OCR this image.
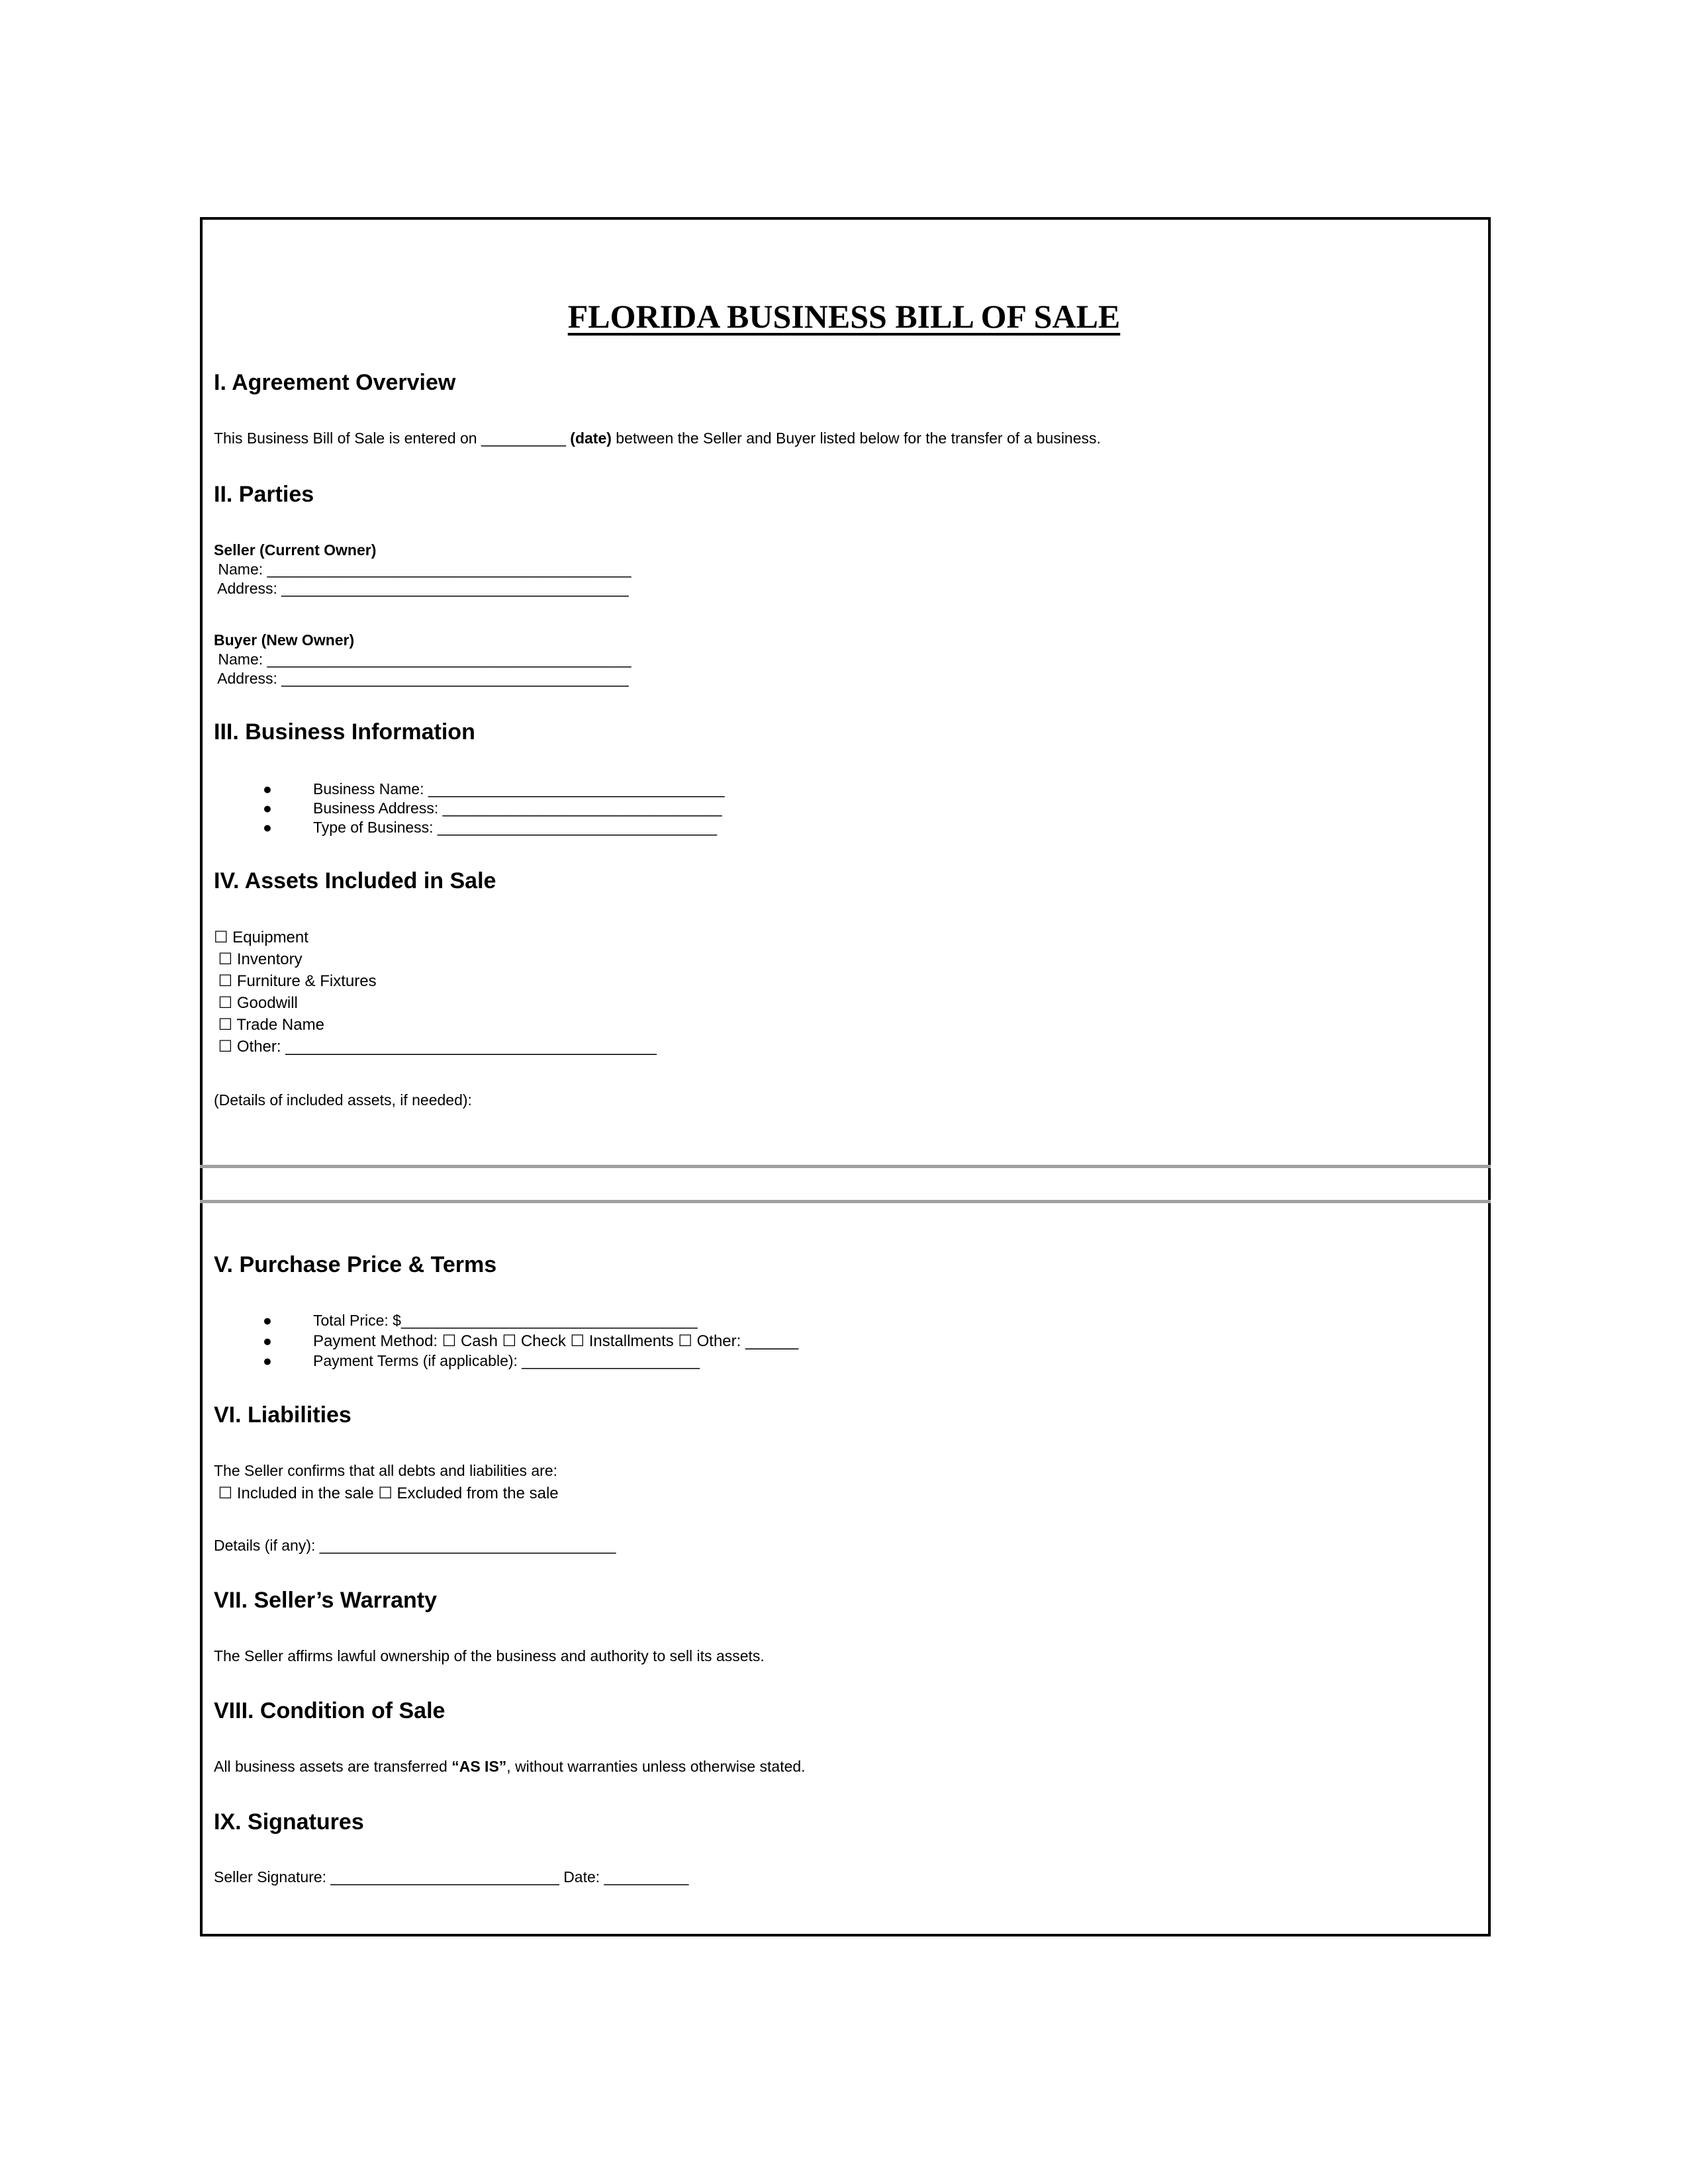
FLORIDA BUSINESS BILL OF SALE
I. Agreement Overview
This Business Bill of Sale is entered on __________ (date) between the Seller and Buyer listed below for the transfer of a business.
II. Parties
Seller (Current Owner)
Name: ___________________________________________
Address: _________________________________________
Buyer (New Owner)
Name: ___________________________________________
Address: _________________________________________
III. Business Information
●
●
●
Business Name: ___________________________________
Business Address: _________________________________
Type of Business: _________________________________
IV. Assets Included in Sale
☐ Equipment
☐ Inventory
☐ Furniture & Fixtures
☐ Goodwill
☐ Trade Name
☐ Other: __________________________________________
(Details of included assets, if needed):
V. Purchase Price & Terms
●
●
●
Total Price: $___________________________________
Payment Method: ☐ Cash ☐ Check ☐ Installments ☐ Other: ______
Payment Terms (if applicable): _____________________
VI. Liabilities
The Seller confirms that all debts and liabilities are:
☐ Included in the sale ☐ Excluded from the sale
Details (if any): ___________________________________
VII. Seller’s Warranty
The Seller affirms lawful ownership of the business and authority to sell its assets.
VIII. Condition of Sale
All business assets are transferred “AS IS”, without warranties unless otherwise stated.
IX. Signatures
Seller Signature: ___________________________ Date: __________
